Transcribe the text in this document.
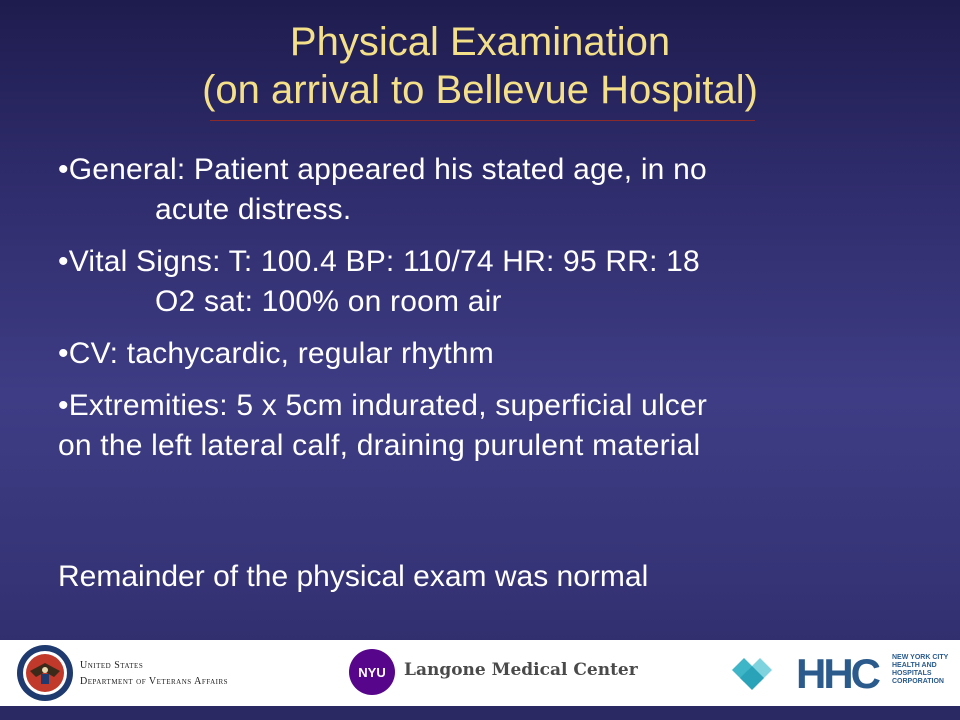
Physical Examination
(on arrival to Bellevue Hospital)
•General: Patient appeared his stated age, in no
acute distress.
•Vital Signs: T: 100.4 BP: 110/74 HR: 95 RR: 18
O2 sat: 100% on room air
•CV: tachycardic, regular rhythm
•Extremities: 5 x 5cm indurated, superficial ulcer
on the left lateral calf, draining purulent material
Remainder of the physical exam was normal
United States
Department of Veterans Affairs
NYU Langone Medical Center	HHC	NEW YORK CITY
HEALTH AND
HOSPITALS
CORPORATION
